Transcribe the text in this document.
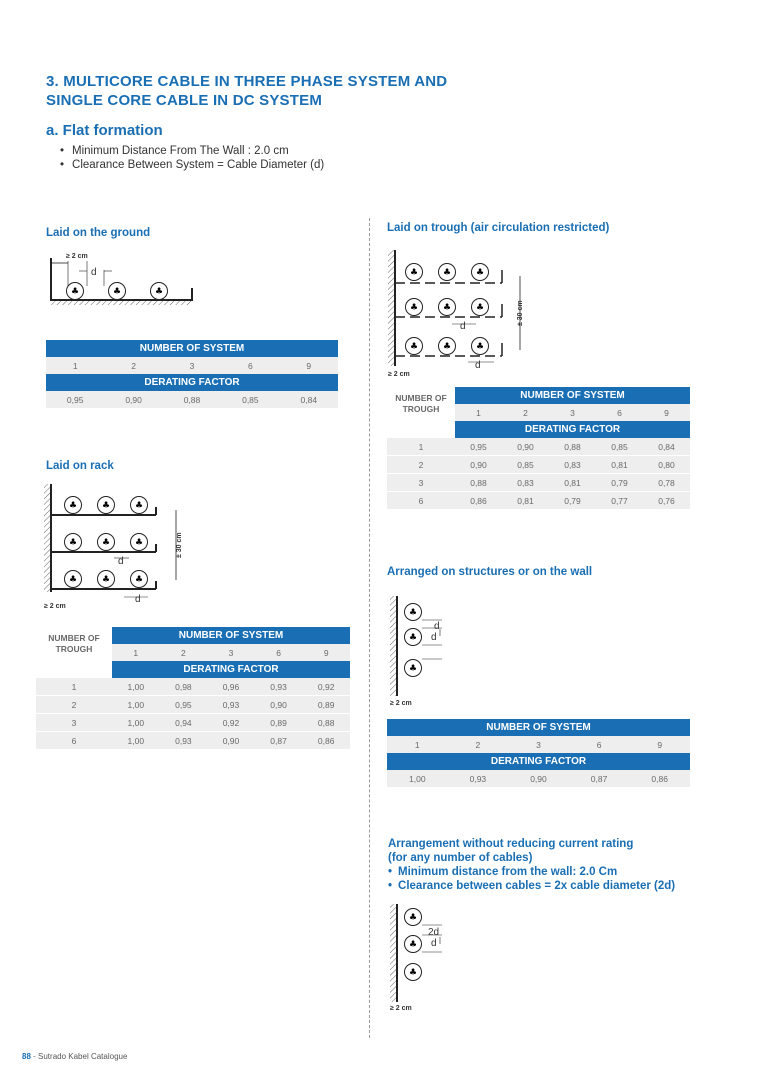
3. MULTICORE CABLE IN THREE PHASE SYSTEM AND
SINGLE CORE CABLE IN DC SYSTEM
a. Flat formation
• Minimum Distance From The Wall : 2.0 cm
• Clearance Between System = Cable Diameter (d)
Laid on the ground
≥ 2 cm
d
♣	♣	♣
NUMBER OF SYSTEM				
1	2	3	6	9
DERATING FACTOR				
0,95	0,90	0,88	0,85	0,84
Laid on rack
♣	♣	♣
♣	♣	♣
♣	♣	♣
d
d
± 30 cm
≥ 2 cm
NUMBER OF TROUGH	NUMBER OF SYSTEM				
	1	2	3	6	9
	DERATING FACTOR				
1	1,00	0,98	0,96	0,93	0,92
2	1,00	0,95	0,93	0,90	0,89
3	1,00	0,94	0,92	0,89	0,88
6	1,00	0,93	0,90	0,87	0,86
Laid on trough (air circulation restricted)
♣	♣	♣
♣	♣	♣
♣	♣	♣
d
d
± 30 cm
≥ 2 cm
NUMBER OF TROUGH	NUMBER OF SYSTEM				
	1	2	3	6	9
	DERATING FACTOR				
1	0,95	0,90	0,88	0,85	0,84
2	0,90	0,85	0,83	0,81	0,80
3	0,88	0,83	0,81	0,79	0,78
6	0,86	0,81	0,79	0,77	0,76
Arranged on structures or on the wall
♣
♣
♣
d
d
≥ 2 cm
NUMBER OF SYSTEM				
1	2	3	6	9
DERATING FACTOR				
1,00	0,93	0,90	0,87	0,86
Arrangement without reducing current rating
(for any number of cables)
• Minimum distance from the wall: 2.0 Cm
• Clearance between cables = 2x cable diameter (2d)
♣
♣
♣
2d
d
≥ 2 cm
88 - Sutrado Kabel Catalogue
